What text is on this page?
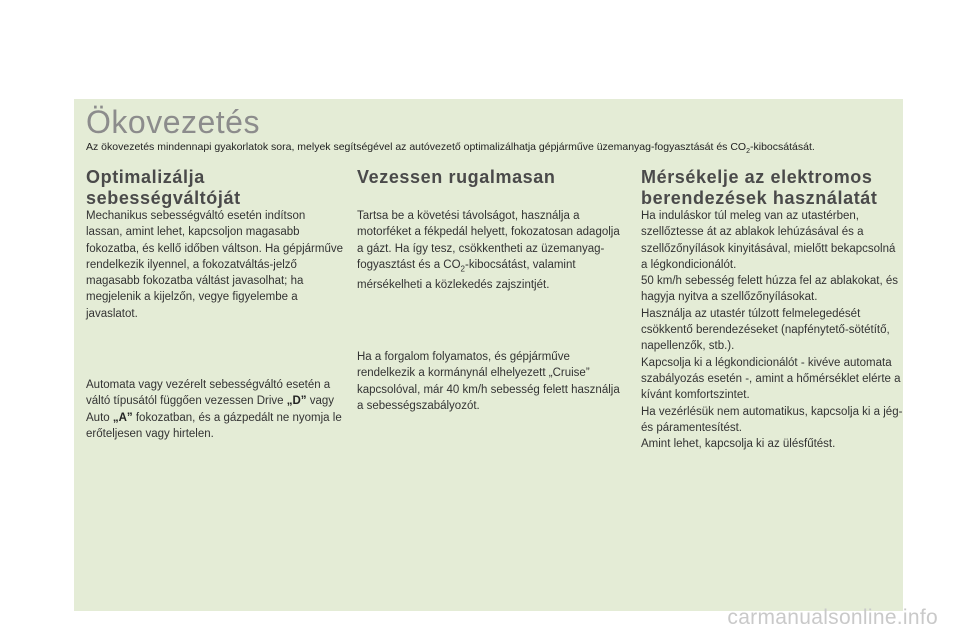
Ökovezetés
Az ökovezetés mindennapi gyakorlatok sora, melyek segítségével az autóvezető optimalizálhatja gépjárműve üzemanyag-fogyasztását és $CO_2$-kibocsátását.
Optimalizálja sebességváltóját

Mechanikus sebességváltó esetén indítson lassan, amint lehet, kapcsoljon magasabb fokozatba, és kellő időben váltson. Ha gépjárműve rendelkezik ilyennel, a fokozatváltás-jelző magasabb fokozatba váltást javasolhat; ha megjelenik a kijelzőn, vegye figyelembe a javaslatot.

Automata vagy vezérelt sebességváltó esetén a váltó típusától függően vezessen Drive „D” vagy Auto „A” fokozatban, és a gázpedált ne nyomja le erőteljesen vagy hirtelen.

Vezessen rugalmasan

Tartsa be a követési távolságot, használja a motorféket a fékpedál helyett, fokozatosan adagolja a gázt. Ha így tesz, csökkentheti az üzemanyag-fogyasztást és a $CO_2$-kibocsátást, valamint mérsékelheti a közlekedés zajszintjét.

Ha a forgalom folyamatos, és gépjárműve rendelkezik a kormánynál elhelyezett „Cruise” kapcsolóval, már 40 km/h sebesség felett használja a sebességszabályozót.

Mérsékelje az elektromos berendezések használatát

Ha induláskor túl meleg van az utastérben, szellőztesse át az ablakok lehúzásával és a szellőzőnyílások kinyitásával, mielőtt bekapcsolná a légkondicionálót.
50 km/h sebesség felett húzza fel az ablakokat, és hagyja nyitva a szellőzőnyílásokat.
Használja az utastér túlzott felmelegedését csökkentő berendezéseket (napfénytető-sötétítő, napellenzők, stb.).
Kapcsolja ki a légkondicionálót - kivéve automata szabályozás esetén -, amint a hőmérséklet elérte a kívánt komfortszintet.
Ha vezérlésük nem automatikus, kapcsolja ki a jég- és páramentesítést.
Amint lehet, kapcsolja ki az ülésfűtést.

carmanualsonline.info
